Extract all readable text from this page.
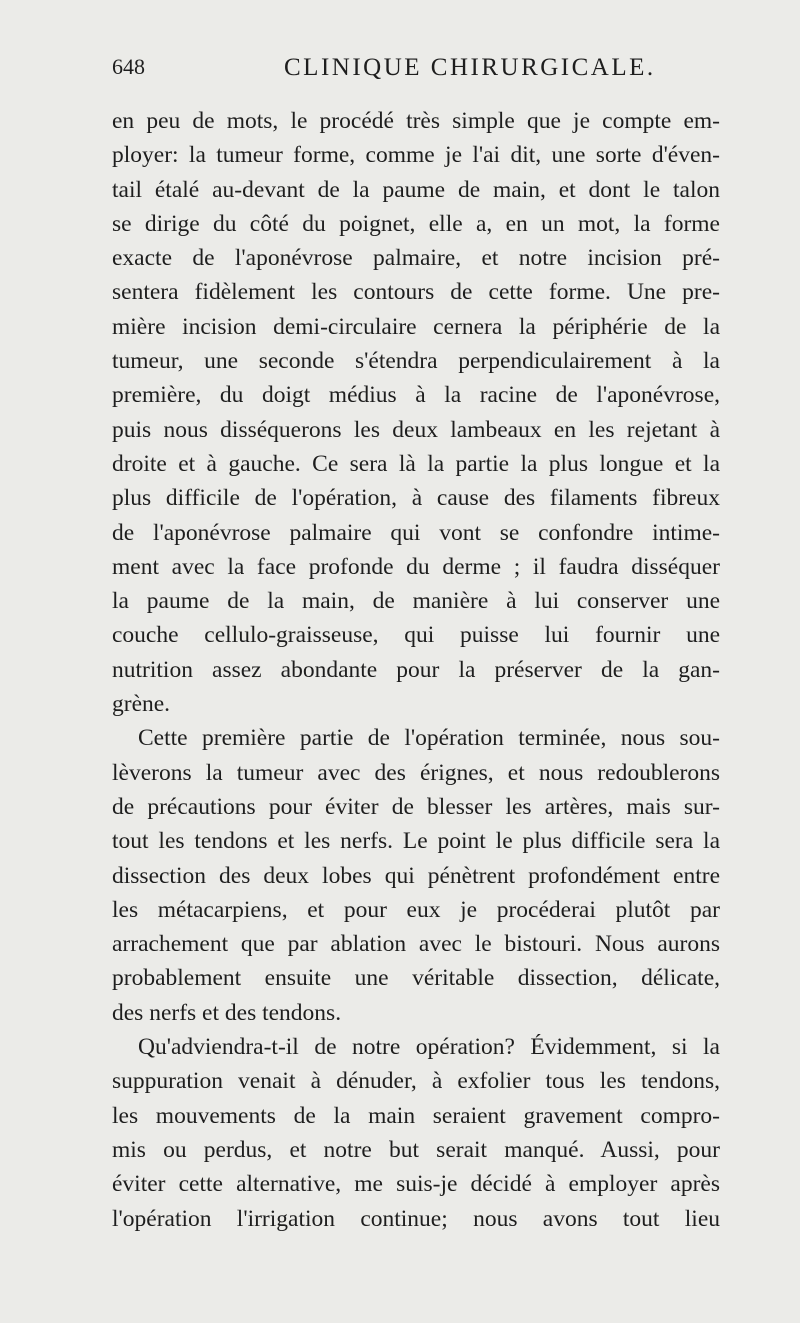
648	CLINIQUE CHIRURGICALE.
en peu de mots, le procédé très simple que je compte em-
ployer: la tumeur forme, comme je l'ai dit, une sorte d'éven-
tail étalé au-devant de la paume de main, et dont le talon
se dirige du côté du poignet, elle a, en un mot, la forme
exacte de l'aponévrose palmaire, et notre incision pré-
sentera fidèlement les contours de cette forme. Une pre-
mière incision demi-circulaire cernera la périphérie de la
tumeur, une seconde s'étendra perpendiculairement à la
première, du doigt médius à la racine de l'aponévrose,
puis nous disséquerons les deux lambeaux en les rejetant à
droite et à gauche. Ce sera là la partie la plus longue et la
plus difficile de l'opération, à cause des filaments fibreux
de l'aponévrose palmaire qui vont se confondre intime-
ment avec la face profonde du derme ; il faudra disséquer
la paume de la main, de manière à lui conserver une
couche cellulo-graisseuse, qui puisse lui fournir une
nutrition assez abondante pour la préserver de la gan-
grène.
Cette première partie de l'opération terminée, nous sou-
lèverons la tumeur avec des érignes, et nous redoublerons
de précautions pour éviter de blesser les artères, mais sur-
tout les tendons et les nerfs. Le point le plus difficile sera la
dissection des deux lobes qui pénètrent profondément entre
les métacarpiens, et pour eux je procéderai plutôt par
arrachement que par ablation avec le bistouri. Nous aurons
probablement ensuite une véritable dissection, délicate,
des nerfs et des tendons.
Qu'adviendra-t-il de notre opération? Évidemment, si la
suppuration venait à dénuder, à exfolier tous les tendons,
les mouvements de la main seraient gravement compro-
mis ou perdus, et notre but serait manqué. Aussi, pour
éviter cette alternative, me suis-je décidé à employer après
l'opération l'irrigation continue; nous avons tout lieu
